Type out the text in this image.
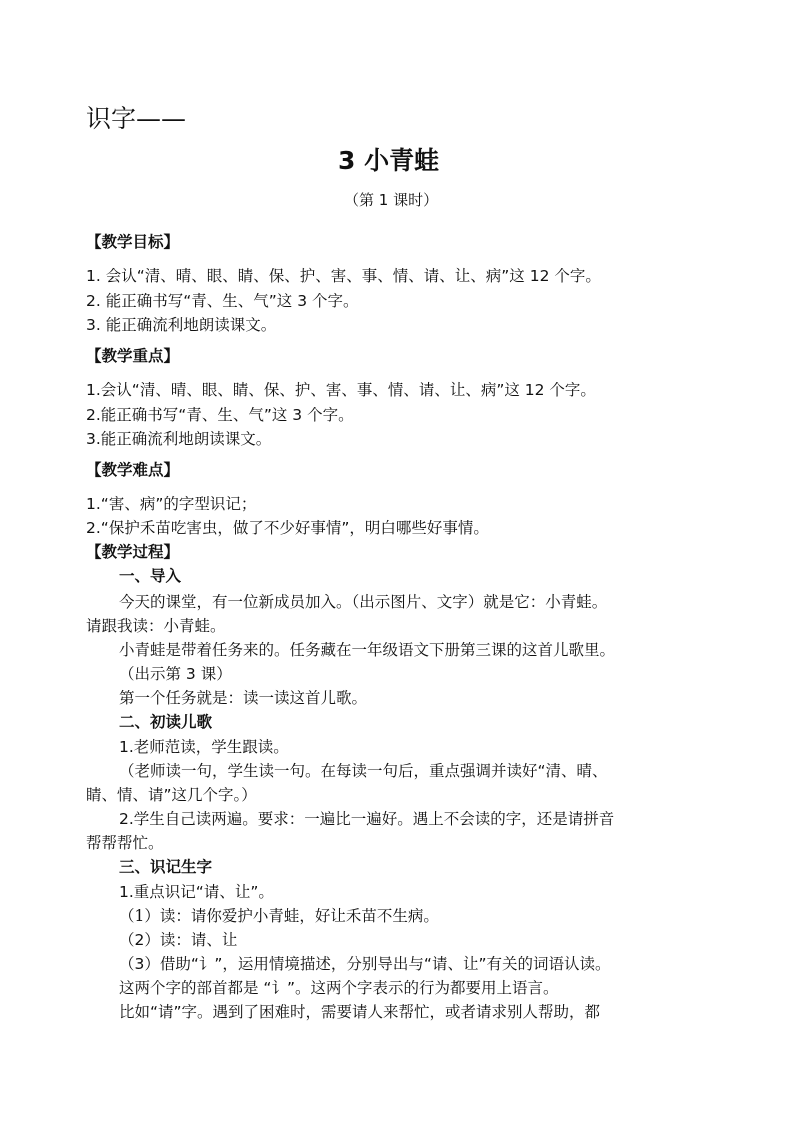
识字——
3 小青蛙
（第 1 课时）
【教学目标】
1. 会认“清、晴、眼、睛、保、护、害、事、情、请、让、病”这 12 个字。
2. 能正确书写“青、生、气”这 3 个字。
3. 能正确流利地朗读课文。
【教学重点】
1.会认“清、晴、眼、睛、保、护、害、事、情、请、让、病”这 12 个字。
2.能正确书写“青、生、气”这 3 个字。
3.能正确流利地朗读课文。
【教学难点】
1.“害、病”的字型识记；
2.“保护禾苗吃害虫，做了不少好事情”，明白哪些好事情。
【教学过程】
一、导入
今天的课堂，有一位新成员加入。（出示图片、文字）就是它：小青蛙。
请跟我读：小青蛙。
小青蛙是带着任务来的。任务藏在一年级语文下册第三课的这首儿歌里。
（出示第 3 课）
第一个任务就是：读一读这首儿歌。
二、初读儿歌
1.老师范读，学生跟读。
（老师读一句，学生读一句。在每读一句后，重点强调并读好“清、晴、
睛、情、请”这几个字。）
2.学生自己读两遍。要求：一遍比一遍好。遇上不会读的字，还是请拼音
帮帮帮忙。
三、识记生字
1.重点识记“请、让”。
（1）读：请你爱护小青蛙，好让禾苗不生病。
（2）读：请、让
（3）借助“讠”，运用情境描述，分别导出与“请、让”有关的词语认读。
这两个字的部首都是 “讠”。这两个字表示的行为都要用上语言。
比如“请”字。遇到了困难时，需要请人来帮忙，或者请求别人帮助，都
